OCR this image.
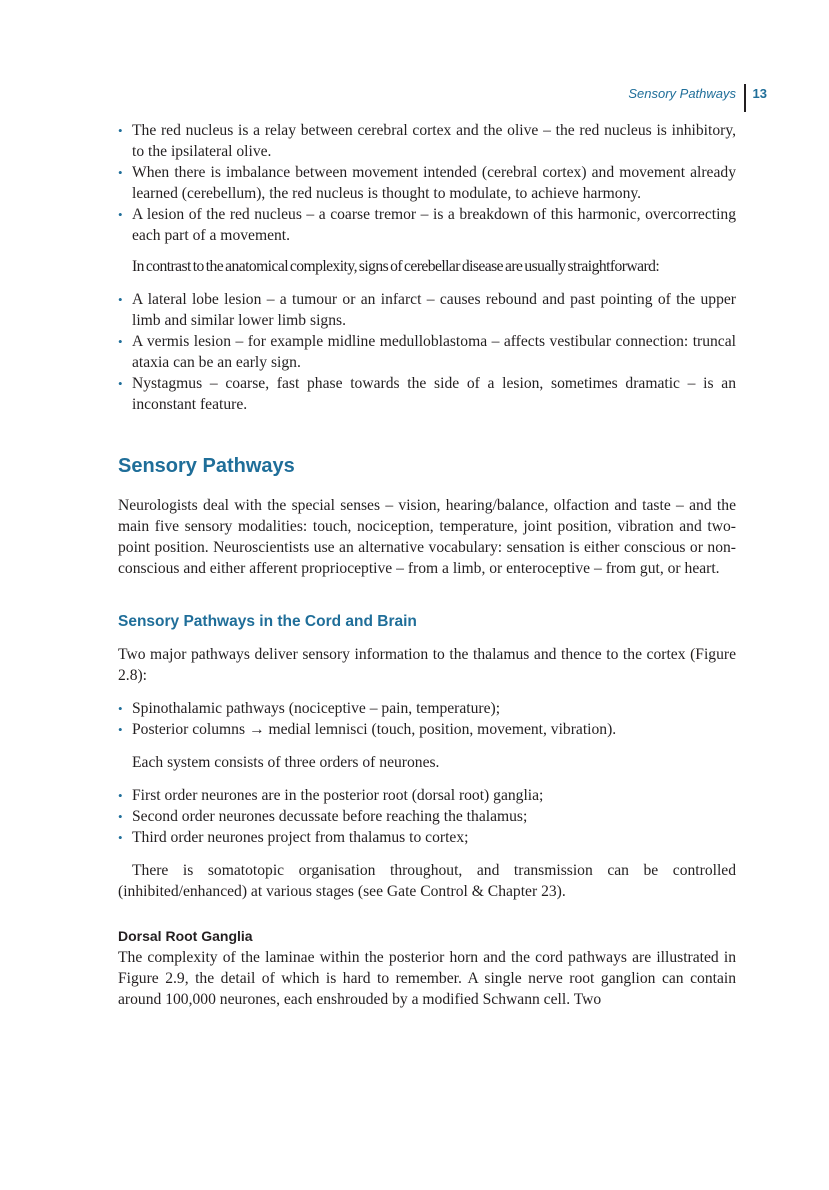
Sensory Pathways	13
• The red nucleus is a relay between cerebral cortex and the olive – the red nucleus is inhibitory, to the ipsilateral olive.
• When there is imbalance between movement intended (cerebral cortex) and movement already learned (cerebellum), the red nucleus is thought to modulate, to achieve harmony.
• A lesion of the red nucleus – a coarse tremor – is a breakdown of this harmonic, overcorrecting each part of a movement.

In contrast to the anatomical complexity, signs of cerebellar disease are usually straightforward:

• A lateral lobe lesion – a tumour or an infarct – causes rebound and past pointing of the upper limb and similar lower limb signs.
• A vermis lesion – for example midline medulloblastoma – affects vestibular connection: truncal ataxia can be an early sign.
• Nystagmus – coarse, fast phase towards the side of a lesion, sometimes dramatic – is an inconstant feature.
Sensory Pathways

Neurologists deal with the special senses – vision, hearing/balance, olfaction and taste – and the main five sensory modalities: touch, nociception, temperature, joint position, vibration and two-point position. Neuroscientists use an alternative vocabulary: sensation is either conscious or non-conscious and either afferent proprioceptive – from a limb, or enteroceptive – from gut, or heart.

Sensory Pathways in the Cord and Brain

Two major pathways deliver sensory information to the thalamus and thence to the cortex (Figure 2.8):

• Spinothalamic pathways (nociceptive – pain, temperature);
• Posterior columns → medial lemnisci (touch, position, movement, vibration).

Each system consists of three orders of neurones.

• First order neurones are in the posterior root (dorsal root) ganglia;
• Second order neurones decussate before reaching the thalamus;
• Third order neurones project from thalamus to cortex;

There is somatotopic organisation throughout, and transmission can be controlled (inhibited/enhanced) at various stages (see Gate Control & Chapter 23).

Dorsal Root Ganglia

The complexity of the laminae within the posterior horn and the cord pathways are illustrated in Figure 2.9, the detail of which is hard to remember. A single nerve root ganglion can contain around 100,000 neurones, each enshrouded by a modified Schwann cell. Two
